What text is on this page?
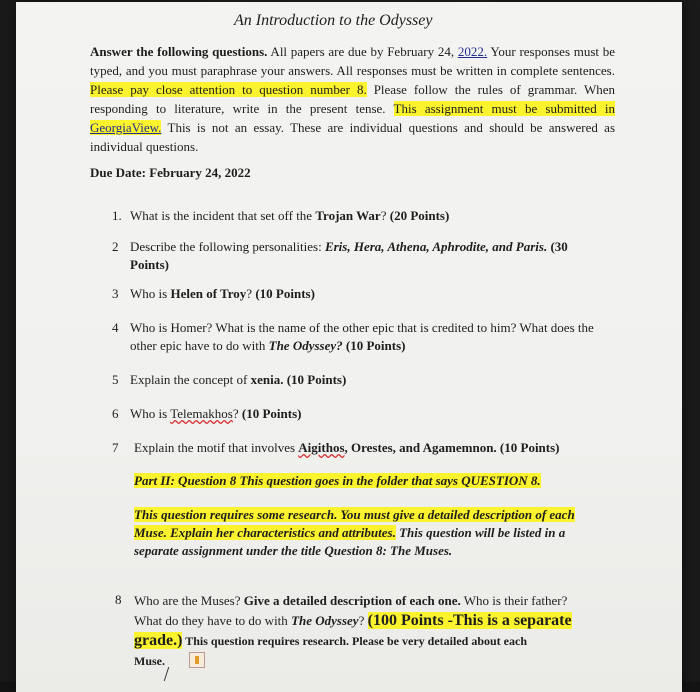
An Introduction to the Odyssey
Answer the following questions. All papers are due by February 24, 2022. Your responses must be typed, and you must paraphrase your answers. All responses must be written in complete sentences. Please pay close attention to question number 8. Please follow the rules of grammar. When responding to literature, write in the present tense. This assignment must be submitted in GeorgiaView. This is not an essay. These are individual questions and should be answered as individual questions.
Due Date: February 24, 2022
1. What is the incident that set off the Trojan War? (20 Points)
2 Describe the following personalities: Eris, Hera, Athena, Aphrodite, and Paris. (30
Points)
3 Who is Helen of Troy? (10 Points)
4 Who is Homer? What is the name of the other epic that is credited to him? What does the
other epic have to do with The Odyssey? (10 Points)
5 Explain the concept of xenia. (10 Points)
6 Who is Telemakhos? (10 Points)
7 Explain the motif that involves Aigithos, Orestes, and Agamemnon. (10 Points)
Part II: Question 8 This question goes in the folder that says QUESTION 8.
This question requires some research. You must give a detailed description of each
Muse. Explain her characteristics and attributes. This question will be listed in a
separate assignment under the title Question 8: The Muses.
8 Who are the Muses? Give a detailed description of each one. Who is their father?
What do they have to do with The Odyssey? (100 Points -This is a separate
grade.) This question requires research. Please be very detailed about each
Muse.
